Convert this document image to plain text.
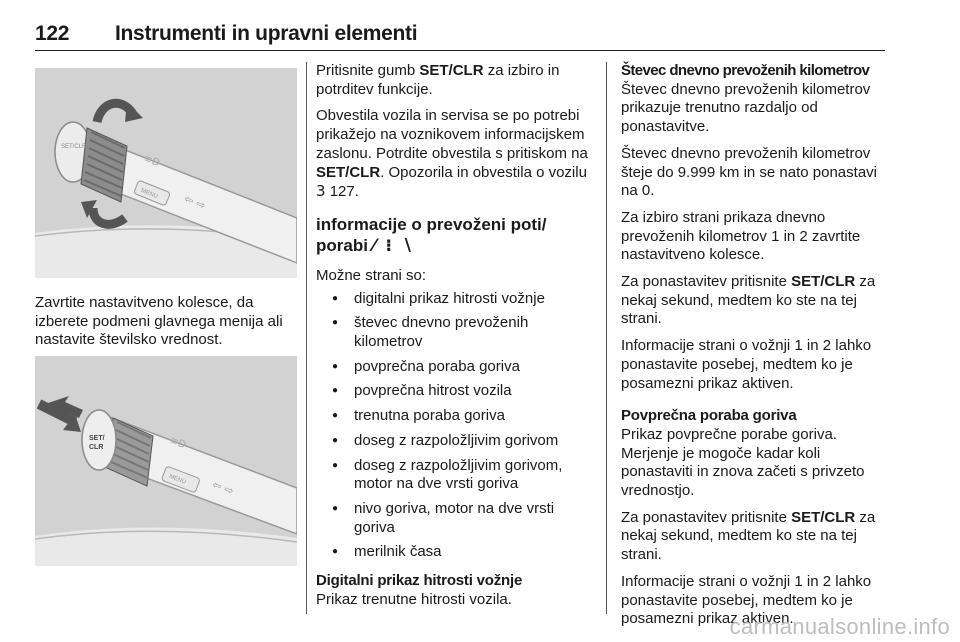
122 Instrumenti in upravni elementi
SET/CLR
MENU ⇦ ⇨
≡D
Zavrtite nastavitveno kolesce, da izberete podmeni glavnega menija ali nastavite številsko vrednost.
SET/
CLR
MENU ⇦ ⇨
≡D

Pritisnite gumb SET/CLR za izbiro in potrditev funkcije.

Obvestila vozila in servisa se po potrebi prikažejo na voznikovem informacijskem zaslonu. Potrdite obvestila s pritiskom na SET/CLR. Opozorila in obvestila o vozilu
3 127.

informacije o prevoženi poti/ porabi ⁄ ⁝ ∖

Možne strani so:

● digitalni prikaz hitrosti vožnje
● števec dnevno prevoženih kilometrov
● povprečna poraba goriva
● povprečna hitrost vozila
● trenutna poraba goriva
● doseg z razpoložljivim gorivom
● doseg z razpoložljivim gorivom, motor na dve vrsti goriva
● nivo goriva, motor na dve vrsti goriva
● merilnik časa
Digitalni prikaz hitrosti vožnje

Prikaz trenutne hitrosti vozila.

Števec dnevno prevoženih kilometrov

Števec dnevno prevoženih kilometrov prikazuje trenutno razdaljo od ponastavitve.

Števec dnevno prevoženih kilometrov šteje do 9.999 km in se nato ponastavi na 0.

Za izbiro strani prikaza dnevno prevoženih kilometrov 1 in 2 zavrtite nastavitveno kolesce.

Za ponastavitev pritisnite SET/CLR za nekaj sekund, medtem ko ste na tej strani.

Informacije strani o vožnji 1 in 2 lahko ponastavite posebej, medtem ko je posamezni prikaz aktiven.

Povprečna poraba goriva

Prikaz povprečne porabe goriva. Merjenje je mogoče kadar koli ponastaviti in znova začeti s privzeto vrednostjo.

Za ponastavitev pritisnite SET/CLR za nekaj sekund, medtem ko ste na tej strani.

Informacije strani o vožnji 1 in 2 lahko ponastavite posebej, medtem ko je posamezni prikaz aktiven.

carmanualsonline.info
